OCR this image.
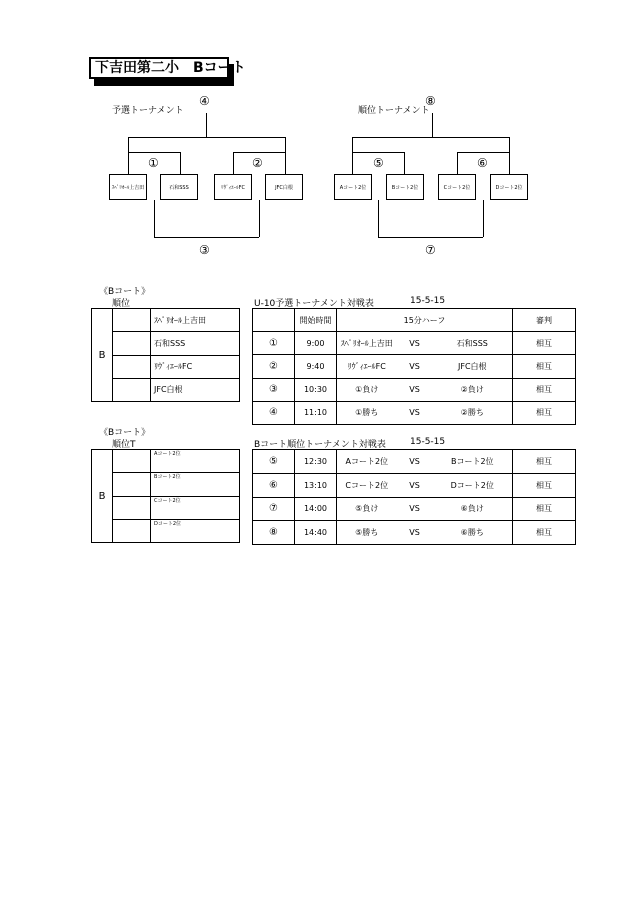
下吉田第二小　Bコート
予選トーナメント
④
①	②
③
ｽﾍﾟﾘｵｰﾙ上吉田	石和SSS	ﾘｳﾞｨｴｰﾙFC	JFC白根
順位トーナメント
⑧
⑤	⑥
⑦
Aコート2位	Bコート2位	Cコート2位	Dコート2位
《Bコート》
順位	U-10予選トーナメント対戦表	15-5-15
B		ｽﾍﾟﾘｵｰﾙ上吉田
		石和SSS
		ﾘｳﾞｨｴｰﾙFC
		JFC白根
	開始時間	15分ハーフ			審判
①	9:00	ｽﾍﾟﾘｵｰﾙ上吉田	VS	石和SSS	相互
②	9:40	ﾘｳﾞｨｴｰﾙFC	VS	JFC白根	相互
③	10:30	①負け	VS	②負け	相互
④	11:10	①勝ち	VS	②勝ち	相互
《Bコート》
順位T	Bコート順位トーナメント対戦表	15-5-15
B		Aコート2位
		Bコート2位
		Cコート2位
		Dコート2位
⑤	12:30	Aコート2位	VS	Bコート2位	相互
⑥	13:10	Cコート2位	VS	Dコート2位	相互
⑦	14:00	⑤負け	VS	⑥負け	相互
⑧	14:40	⑤勝ち	VS	⑥勝ち	相互
